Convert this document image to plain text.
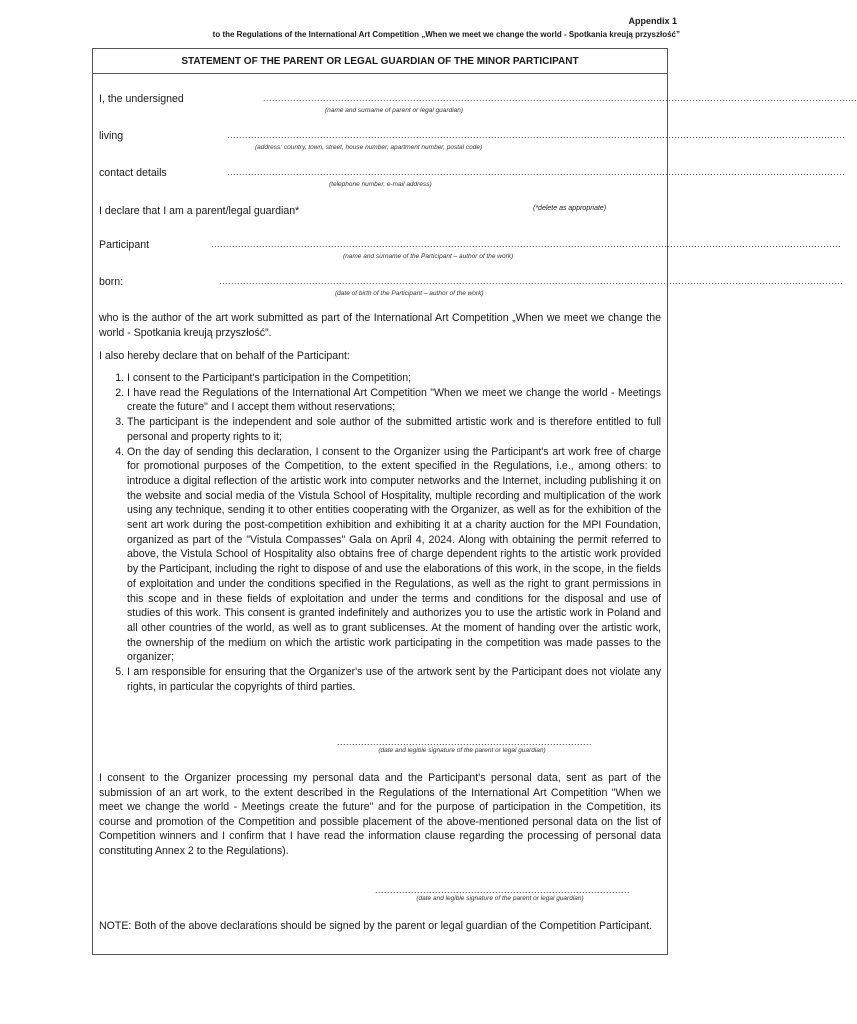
Appendix 1
to the Regulations of the International Art Competition „When we meet we change the world - Spotkania kreują przyszłość”
STATEMENT OF THE PARENT OR LEGAL GUARDIAN OF THE MINOR PARTICIPANT
I, the undersigned	......................................................................................................................................................................................................
(name and surname of parent or legal guardian)
living	..............................................................................................................................................................................................................
(address: country, town, street, house number, apartment number, postal code)
contact details	..............................................................................................................................................................................................................
(telephone number, e-mail address)
I declare that I am a parent/legal guardian*	(*delete as appropriate)
Participant	..................................................................................................................................................................................................................
(name and surname of the Participant – author of the work)
born:	................................................................................................................................................................................................................
(date of birth of the Participant – author of the work)

who is the author of the art work submitted as part of the International Art Competition „When we meet we change the world - Spotkania kreują przyszłość”.

I also hereby declare that on behalf of the Participant:

1. I consent to the Participant's participation in the Competition;
2. I have read the Regulations of the International Art Competition "When we meet we change the world - Meetings create the future" and I accept them without reservations;
3. The participant is the independent and sole author of the submitted artistic work and is therefore entitled to full personal and property rights to it;
4. On the day of sending this declaration, I consent to the Organizer using the Participant's art work free of charge for promotional purposes of the Competition, to the extent specified in the Regulations, i.e., among others: to introduce a digital reflection of the artistic work into computer networks and the Internet, including publishing it on the website and social media of the Vistula School of Hospitality, multiple recording and multiplication of the work using any technique, sending it to other entities cooperating with the Organizer, as well as for the exhibition of the sent art work during the post-competition exhibition and exhibiting it at a charity auction for the MPI Foundation, organized as part of the "Vistula Compasses" Gala on April 4, 2024. Along with obtaining the permit referred to above, the Vistula School of Hospitality also obtains free of charge dependent rights to the artistic work provided by the Participant, including the right to dispose of and use the elaborations of this work, in the scope, in the fields of exploitation and under the conditions specified in the Regulations, as well as the right to grant permissions in this scope and in these fields of exploitation and under the terms and conditions for the disposal and use of studies of this work. This consent is granted indefinitely and authorizes you to use the artistic work in Poland and all other countries of the world, as well as to grant sublicenses. At the moment of handing over the artistic work, the ownership of the medium on which the artistic work participating in the competition was made passes to the organizer;
5. I am responsible for ensuring that the Organizer's use of the artwork sent by the Participant does not violate any rights, in particular the copyrights of third parties.
.....................................................................................
(date and legible signature of the parent or legal guardian)

I consent to the Organizer processing my personal data and the Participant's personal data, sent as part of the submission of an art work, to the extent described in the Regulations of the International Art Competition "When we meet we change the world - Meetings create the future" and for the purpose of participation in the Competition, its course and promotion of the Competition and possible placement of the above-mentioned personal data on the list of Competition winners and I confirm that I have read the information clause regarding the processing of personal data constituting Annex 2 to the Regulations).

.....................................................................................
(date and legible signature of the parent or legal guardian)

NOTE: Both of the above declarations should be signed by the parent or legal guardian of the Competition Participant.
